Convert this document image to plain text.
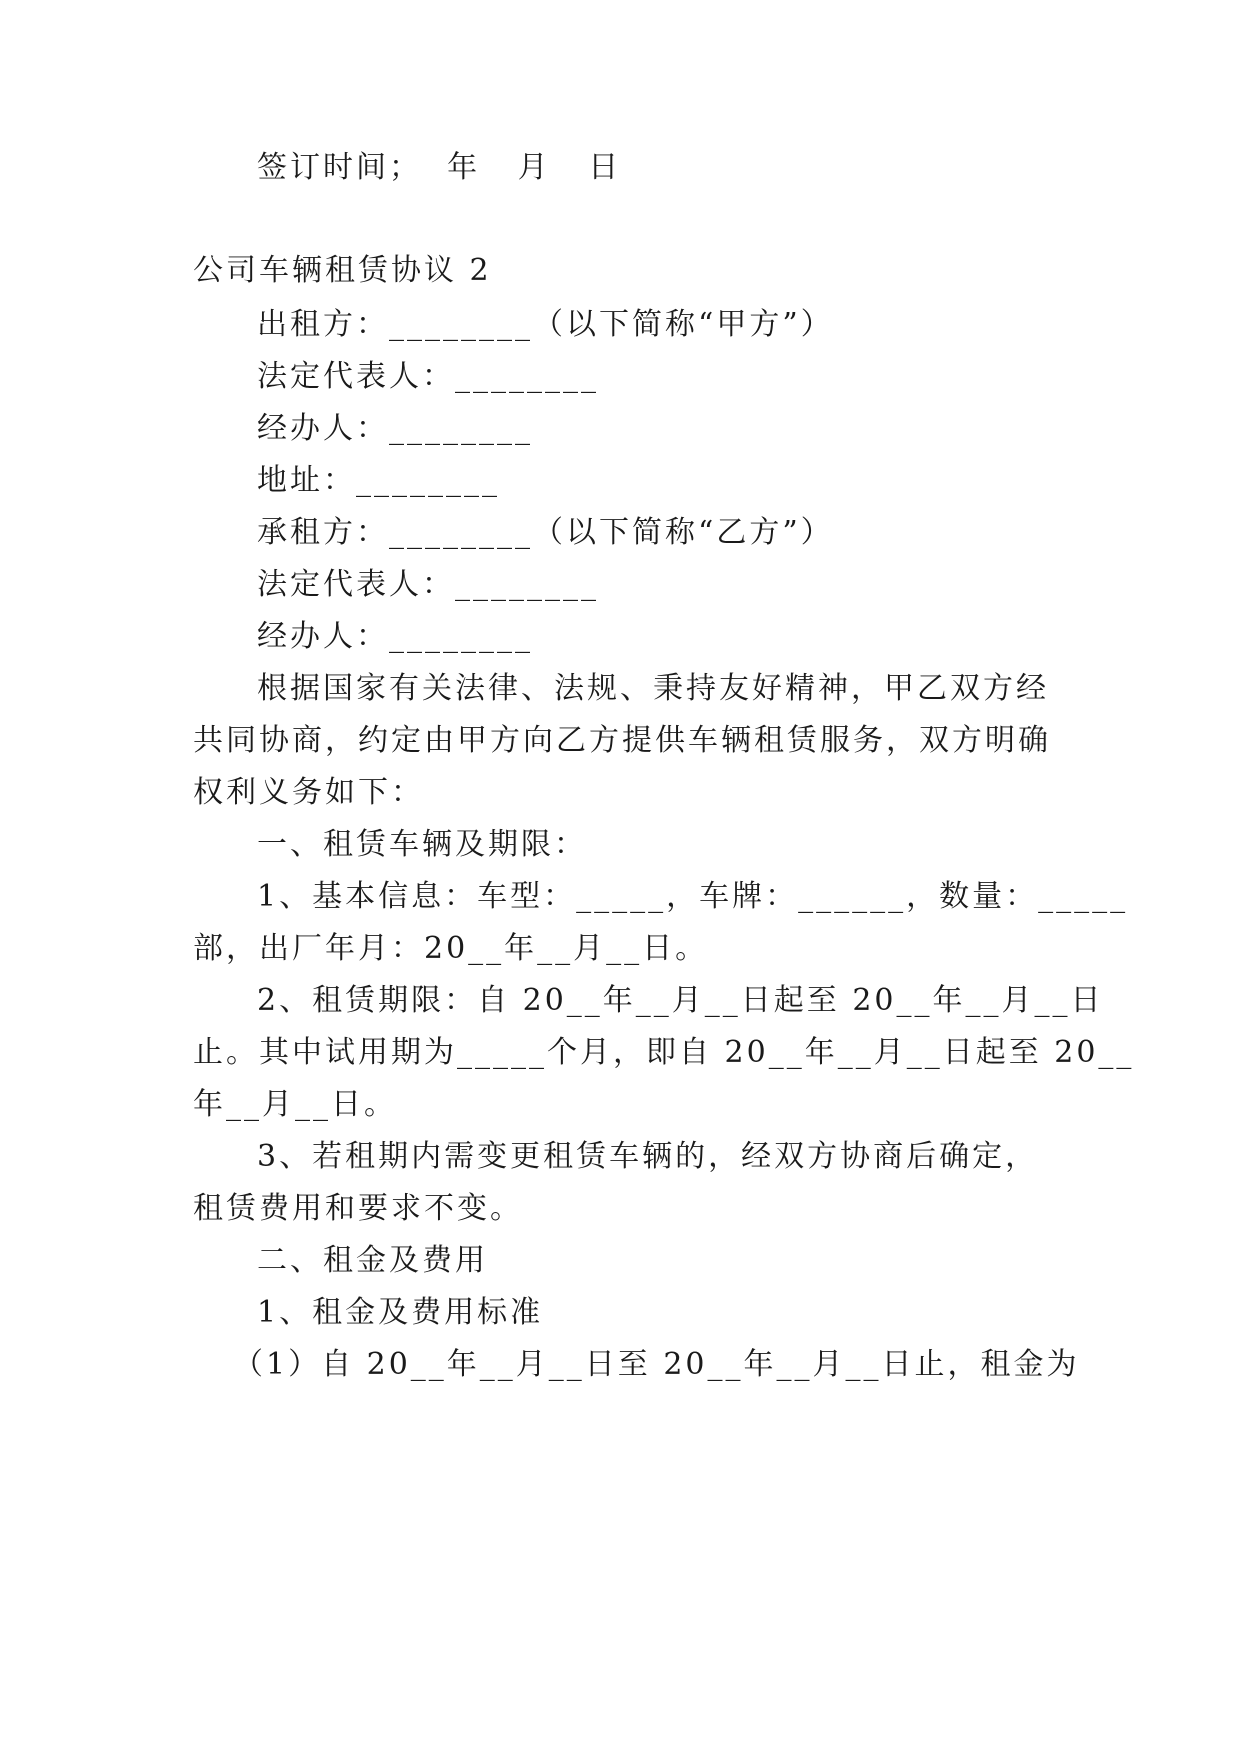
签订时间；  年   月   日
公司车辆租赁协议 2
出租方：________（以下简称“甲方”）
法定代表人：________
经办人：________
地址：________
承租方：________（以下简称“乙方”）
法定代表人：________
经办人：________
根据国家有关法律、法规、秉持友好精神，甲乙双方经
共同协商，约定由甲方向乙方提供车辆租赁服务，双方明确
权利义务如下：
一、租赁车辆及期限：
1、基本信息：车型：_____，车牌：______，数量：_____
部，出厂年月：20__年__月__日。
2、租赁期限：自 20__年__月__日起至 20__年__月__日
止。其中试用期为_____个月，即自 20__年__月__日起至 20__
年__月__日。
3、若租期内需变更租赁车辆的，经双方协商后确定，
租赁费用和要求不变。
二、租金及费用
1、租金及费用标准
（1）自 20__年__月__日至 20__年__月__日止，租金为
